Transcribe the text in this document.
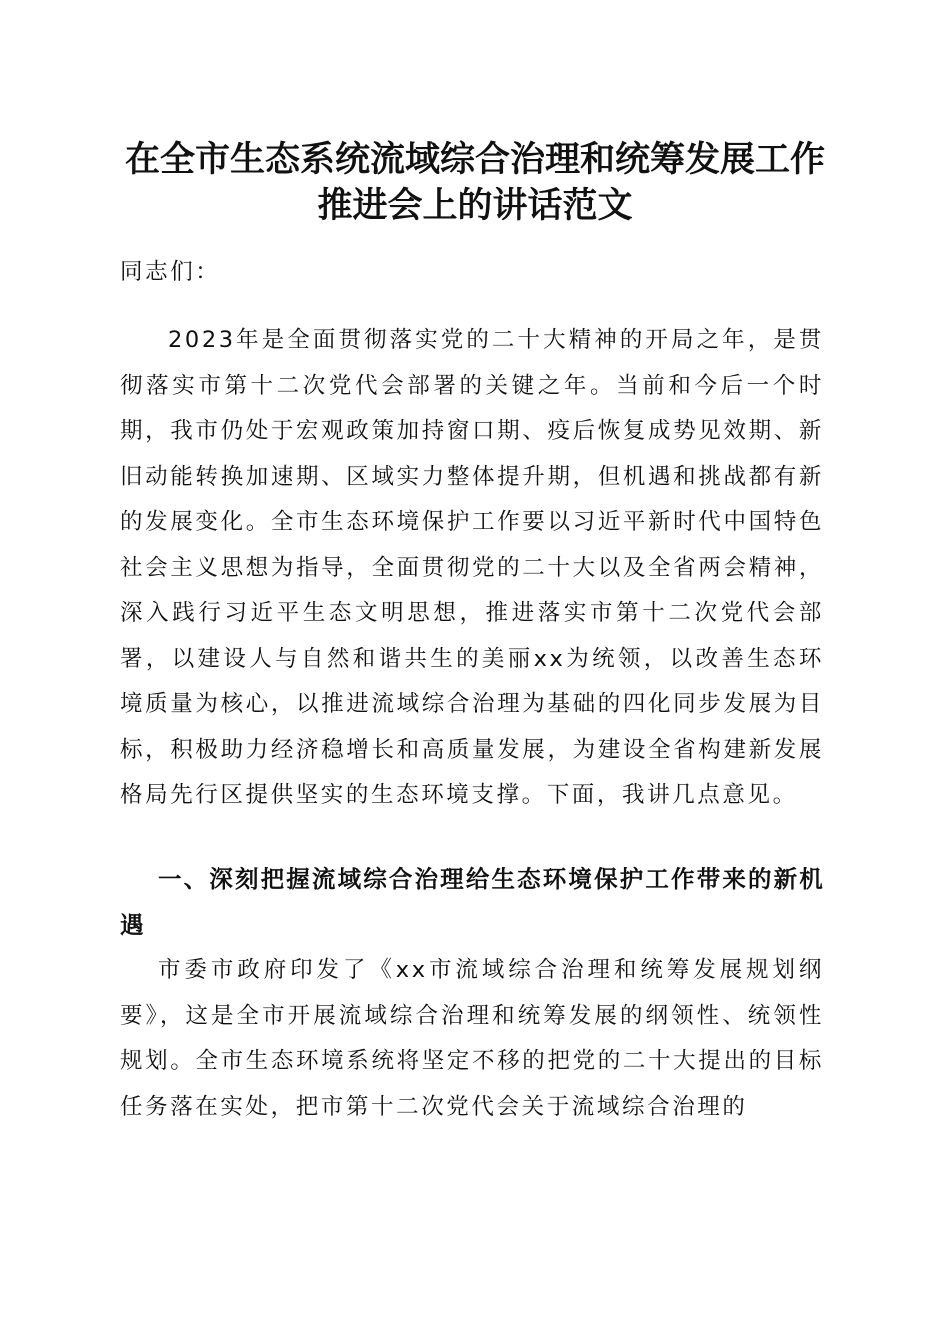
在全市生态系统流域综合治理和统筹发展工作
推进会上的讲话范文

同志们：

2023年是全面贯彻落实党的二十大精神的开局之年，是贯彻落实市第十二次党代会部署的关键之年。当前和今后一个时期，我市仍处于宏观政策加持窗口期、疫后恢复成势见效期、新旧动能转换加速期、区域实力整体提升期，但机遇和挑战都有新的发展变化。全市生态环境保护工作要以习近平新时代中国特色社会主义思想为指导，全面贯彻党的二十大以及全省两会精神，深入践行习近平生态文明思想，推进落实市第十二次党代会部署，以建设人与自然和谐共生的美丽xx为统领，以改善生态环境质量为核心，以推进流域综合治理为基础的四化同步发展为目标，积极助力经济稳增长和高质量发展，为建设全省构建新发展格局先行区提供坚实的生态环境支撑。下面，我讲几点意见。

一、深刻把握流域综合治理给生态环境保护工作带来的新机遇

市委市政府印发了《xx市流域综合治理和统筹发展规划纲要》，这是全市开展流域综合治理和统筹发展的纲领性、统领性规划。全市生态环境系统将坚定不移的把党的二十大提出的目标任务落在实处，把市第十二次党代会关于流域综合治理的
